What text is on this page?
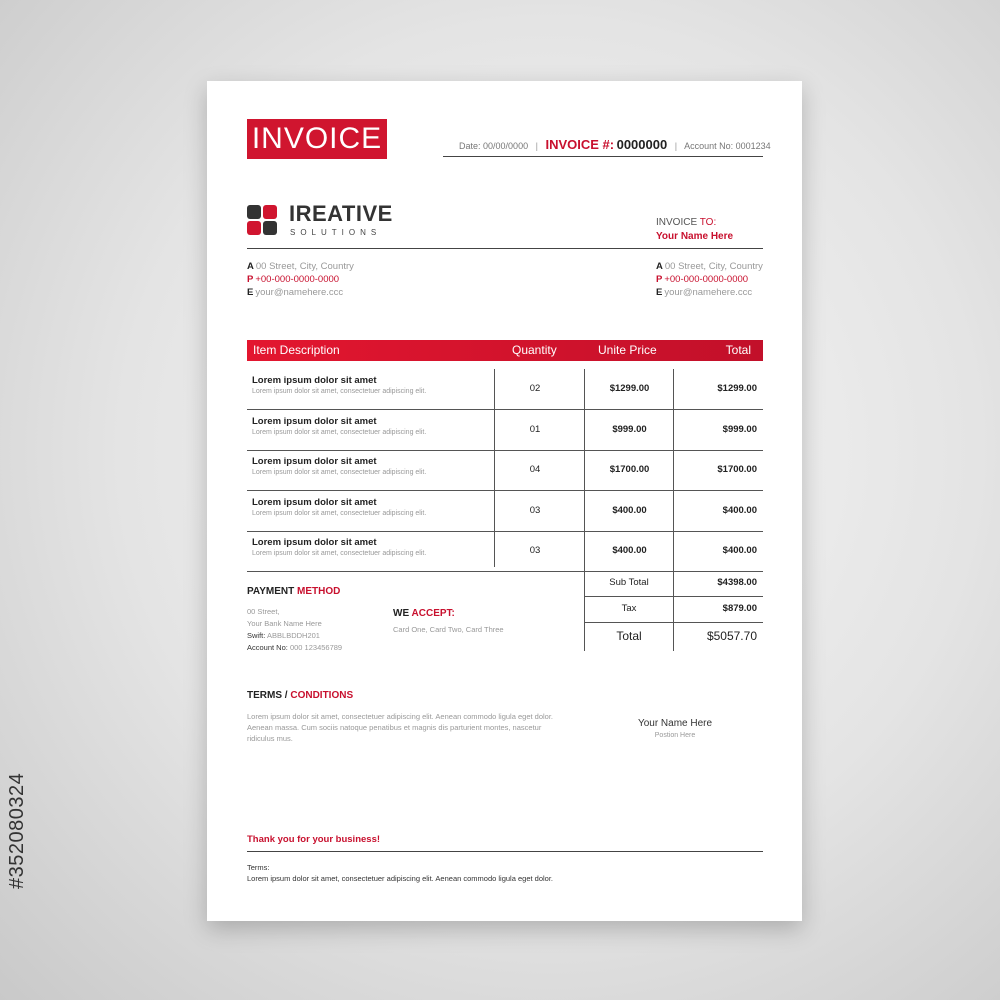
#352080324
INVOICE	Date: 00/00/0000 | INVOICE #: 0000000 | Account No: 0001234
IREATIVE
SOLUTIONS
INVOICE TO:
Your Name Here
A 00 Street, City, Country
P +00-000-0000-0000
E your@namehere.ccc
A 00 Street, City, Country
P +00-000-0000-0000
E your@namehere.ccc
Item Description	Quantity	Unite Price	Total
Lorem ipsum dolor sit amet
Lorem ipsum dolor sit amet, consectetuer adipiscing elit.	02	$1299.00	$1299.00
Lorem ipsum dolor sit amet
Lorem ipsum dolor sit amet, consectetuer adipiscing elit.	01	$999.00	$999.00
Lorem ipsum dolor sit amet
Lorem ipsum dolor sit amet, consectetuer adipiscing elit.	04	$1700.00	$1700.00
Lorem ipsum dolor sit amet
Lorem ipsum dolor sit amet, consectetuer adipiscing elit.	03	$400.00	$400.00
Lorem ipsum dolor sit amet
Lorem ipsum dolor sit amet, consectetuer adipiscing elit.	03	$400.00	$400.00
Sub Total	$4398.00
Tax	$879.00
Total	$5057.70
PAYMENT METHOD
00 Street,
Your Bank Name Here
Swift: ABBLBDDH201
Account No: 000 123456789
WE ACCEPT:
Card One, Card Two, Card Three
TERMS / CONDITIONS
Lorem ipsum dolor sit amet, consectetuer adipiscing elit. Aenean commodo ligula eget dolor. Aenean massa. Cum sociis natoque penatibus et magnis dis parturient montes, nascetur ridiculus mus.
Your Name Here
Postion Here
Thank you for your business!
Terms:
Lorem ipsum dolor sit amet, consectetuer adipiscing elit. Aenean commodo ligula eget dolor.
